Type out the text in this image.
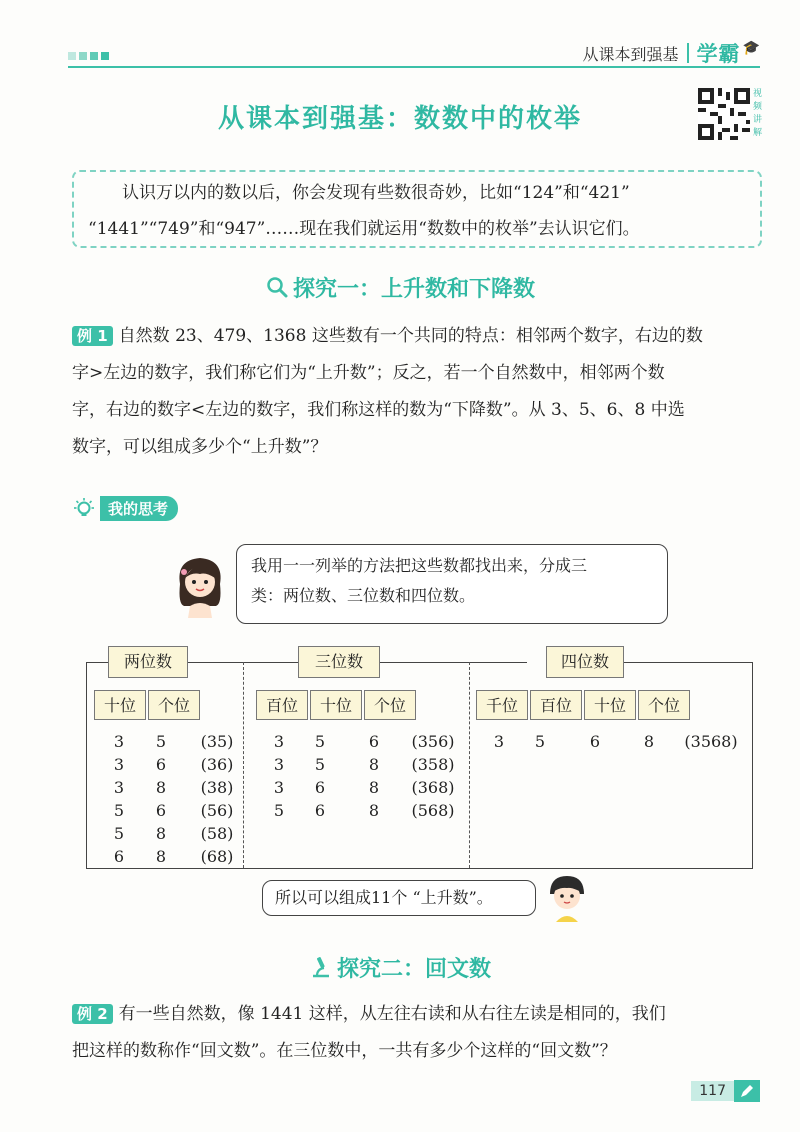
从课本到强基 学霸 🎓
从课本到强基：数数中的枚举
视频讲解

认识万以内的数以后，你会发现有些数很奇妙，比如“124”和“421”
“1441”“749”和“947”……现在我们就运用“数数中的枚举”去认识它们。

探究一：上升数和下降数

例 1 自然数 23、479、1368 这些数有一个共同的特点：相邻两个数字，右边的数
字>左边的数字，我们称它们为“上升数”；反之，若一个自然数中，相邻两个数
字，右边的数字<左边的数字，我们称这样的数为“下降数”。从 3、5、6、8 中选
数字，可以组成多少个“上升数”？

我的思考
我用一一列举的方法把这些数都找出来，分成三
类：两位数、三位数和四位数。
两位数	三位数	四位数
十位	个位	百位	十位	个位	千位	百位	十位	个位
3	5	(35)
3	6	(36)
3	8	(38)
5	6	(56)
5	8	(58)
6	8	(68)
3	5	6	(356)
3	5	8	(358)
3	6	8	(368)
5	6	8	(568)
3	5	6	8	(3568)
所以可以组成11个 “上升数”。
探究二：回文数

例 2 有一些自然数，像 1441 这样，从左往右读和从右往左读是相同的，我们
把这样的数称作“回文数”。在三位数中，一共有多少个这样的“回文数”？

117
